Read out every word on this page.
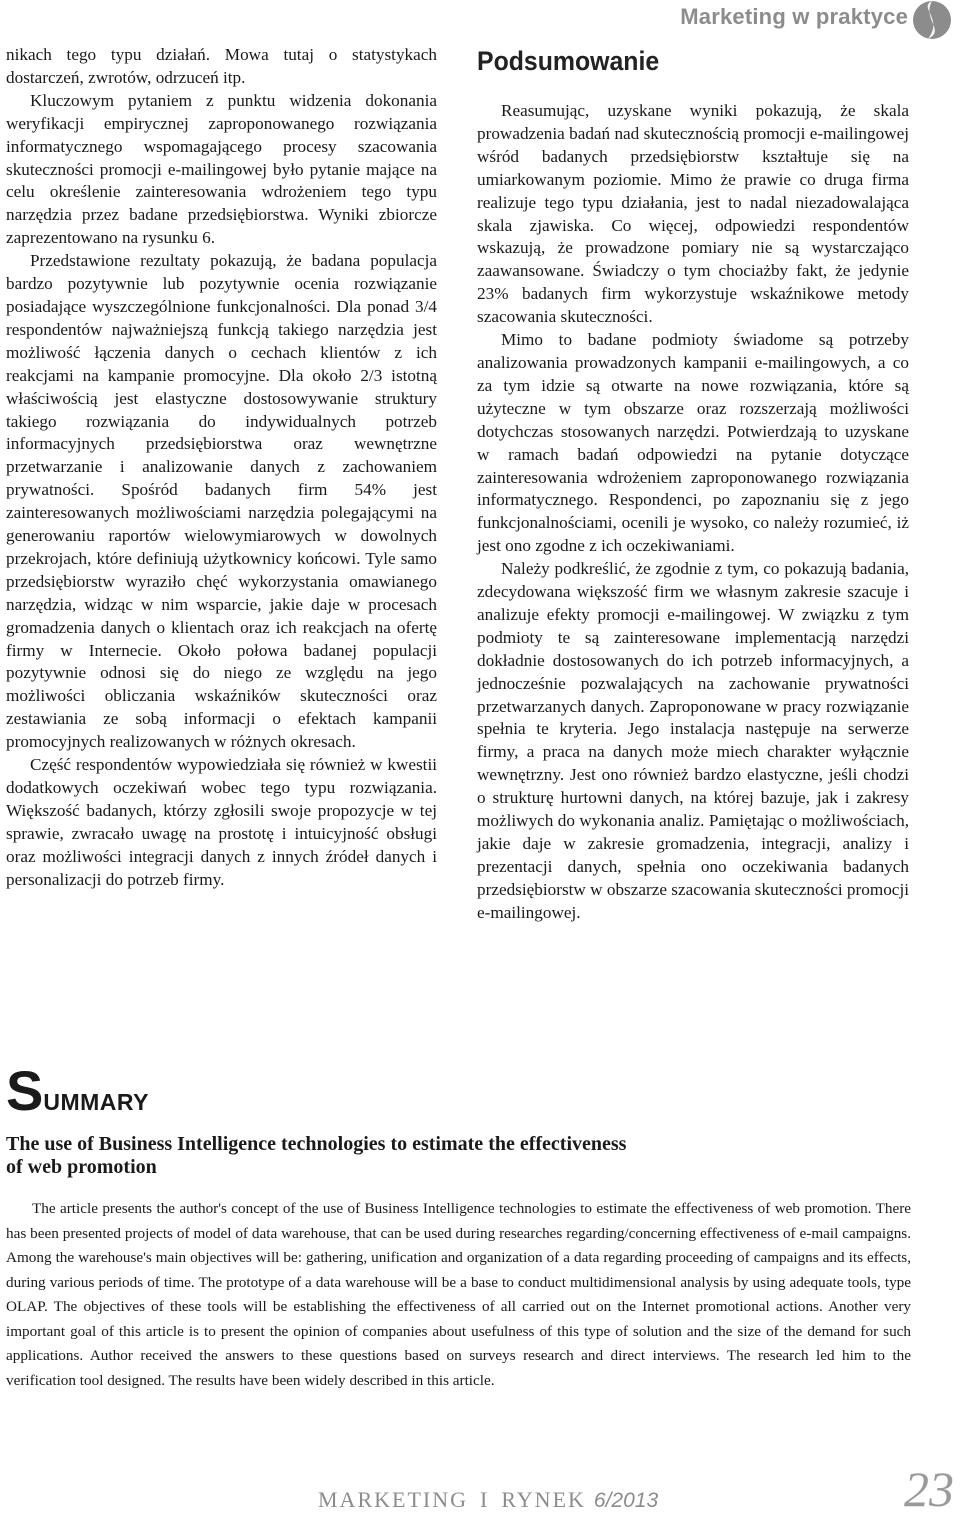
Marketing w praktyce

nikach tego typu działań. Mowa tutaj o statystykach dostarczeń, zwrotów, odrzuceń itp.

Kluczowym pytaniem z punktu widzenia dokonania weryfikacji empirycznej zaproponowanego rozwiązania informatycznego wspomagającego procesy szacowania skuteczności promocji e-mailingowej było pytanie mające na celu określenie zainteresowania wdrożeniem tego typu narzędzia przez badane przedsiębiorstwa. Wyniki zbiorcze zaprezentowano na rysunku 6.

Przedstawione rezultaty pokazują, że badana populacja bardzo pozytywnie lub pozytywnie ocenia rozwiązanie posiadające wyszczególnione funkcjonalności. Dla ponad 3/4 respondentów najważniejszą funkcją takiego narzędzia jest możliwość łączenia danych o cechach klientów z ich reakcjami na kampanie promocyjne. Dla około 2/3 istotną właściwością jest elastyczne dostosowywanie struktury takiego rozwiązania do indywidualnych potrzeb informacyjnych przedsiębiorstwa oraz wewnętrzne przetwarzanie i analizowanie danych z zachowaniem prywatności. Spośród badanych firm 54% jest zainteresowanych możliwościami narzędzia polegającymi na generowaniu raportów wielowymiarowych w dowolnych przekrojach, które definiują użytkownicy końcowi. Tyle samo przedsiębiorstw wyraziło chęć wykorzystania omawianego narzędzia, widząc w nim wsparcie, jakie daje w procesach gromadzenia danych o klientach oraz ich reakcjach na ofertę firmy w Internecie. Około połowa badanej populacji pozytywnie odnosi się do niego ze względu na jego możliwości obliczania wskaźników skuteczności oraz zestawiania ze sobą informacji o efektach kampanii promocyjnych realizowanych w różnych okresach.

Część respondentów wypowiedziała się również w kwestii dodatkowych oczekiwań wobec tego typu rozwiązania. Większość badanych, którzy zgłosili swoje propozycje w tej sprawie, zwracało uwagę na prostotę i intuicyjność obsługi oraz możliwości integracji danych z innych źródeł danych i personalizacji do potrzeb firmy.

Podsumowanie

Reasumując, uzyskane wyniki pokazują, że skala prowadzenia badań nad skutecznością promocji e-mailingowej wśród badanych przedsiębiorstw kształtuje się na umiarkowanym poziomie. Mimo że prawie co druga firma realizuje tego typu działania, jest to nadal niezadowalająca skala zjawiska. Co więcej, odpowiedzi respondentów wskazują, że prowadzone pomiary nie są wystarczająco zaawansowane. Świadczy o tym chociażby fakt, że jedynie 23% badanych firm wykorzystuje wskaźnikowe metody szacowania skuteczności.

Mimo to badane podmioty świadome są potrzeby analizowania prowadzonych kampanii e-mailingowych, a co za tym idzie są otwarte na nowe rozwiązania, które są użyteczne w tym obszarze oraz rozszerzają możliwości dotychczas stosowanych narzędzi. Potwierdzają to uzyskane w ramach badań odpowiedzi na pytanie dotyczące zainteresowania wdrożeniem zaproponowanego rozwiązania informatycznego. Respondenci, po zapoznaniu się z jego funkcjonalnościami, ocenili je wysoko, co należy rozumieć, iż jest ono zgodne z ich oczekiwaniami.

Należy podkreślić, że zgodnie z tym, co pokazują badania, zdecydowana większość firm we własnym zakresie szacuje i analizuje efekty promocji e-mailingowej. W związku z tym podmioty te są zainteresowane implementacją narzędzi dokładnie dostosowanych do ich potrzeb informacyjnych, a jednocześnie pozwalających na zachowanie prywatności przetwarzanych danych. Zaproponowane w pracy rozwiązanie spełnia te kryteria. Jego instalacja następuje na serwerze firmy, a praca na danych może miech charakter wyłącznie wewnętrzny. Jest ono również bardzo elastyczne, jeśli chodzi o strukturę hurtowni danych, na której bazuje, jak i zakresy możliwych do wykonania analiz. Pamiętając o możliwościach, jakie daje w zakresie gromadzenia, integracji, analizy i prezentacji danych, spełnia ono oczekiwania badanych przedsiębiorstw w obszarze szacowania skuteczności promocji e-mailingowej.

SUMMARY
The use of Business Intelligence technologies to estimate the effectiveness
of web promotion

The article presents the author's concept of the use of Business Intelligence technologies to estimate the effectiveness of web promotion. There has been presented projects of model of data warehouse, that can be used during researches regarding/concerning effectiveness of e-mail campaigns. Among the warehouse's main objectives will be: gathering, unification and organization of a data regarding proceeding of campaigns and its effects, during various periods of time. The prototype of a data warehouse will be a base to conduct multidimensional analysis by using adequate tools, type OLAP. The objectives of these tools will be establishing the effectiveness of all carried out on the Internet promotional actions. Another very important goal of this article is to present the opinion of companies about usefulness of this type of solution and the size of the demand for such applications. Author received the answers to these questions based on surveys research and direct interviews. The research led him to the verification tool designed. The results have been widely described in this article.

MARKETING I RYNEK 6/2013	23
